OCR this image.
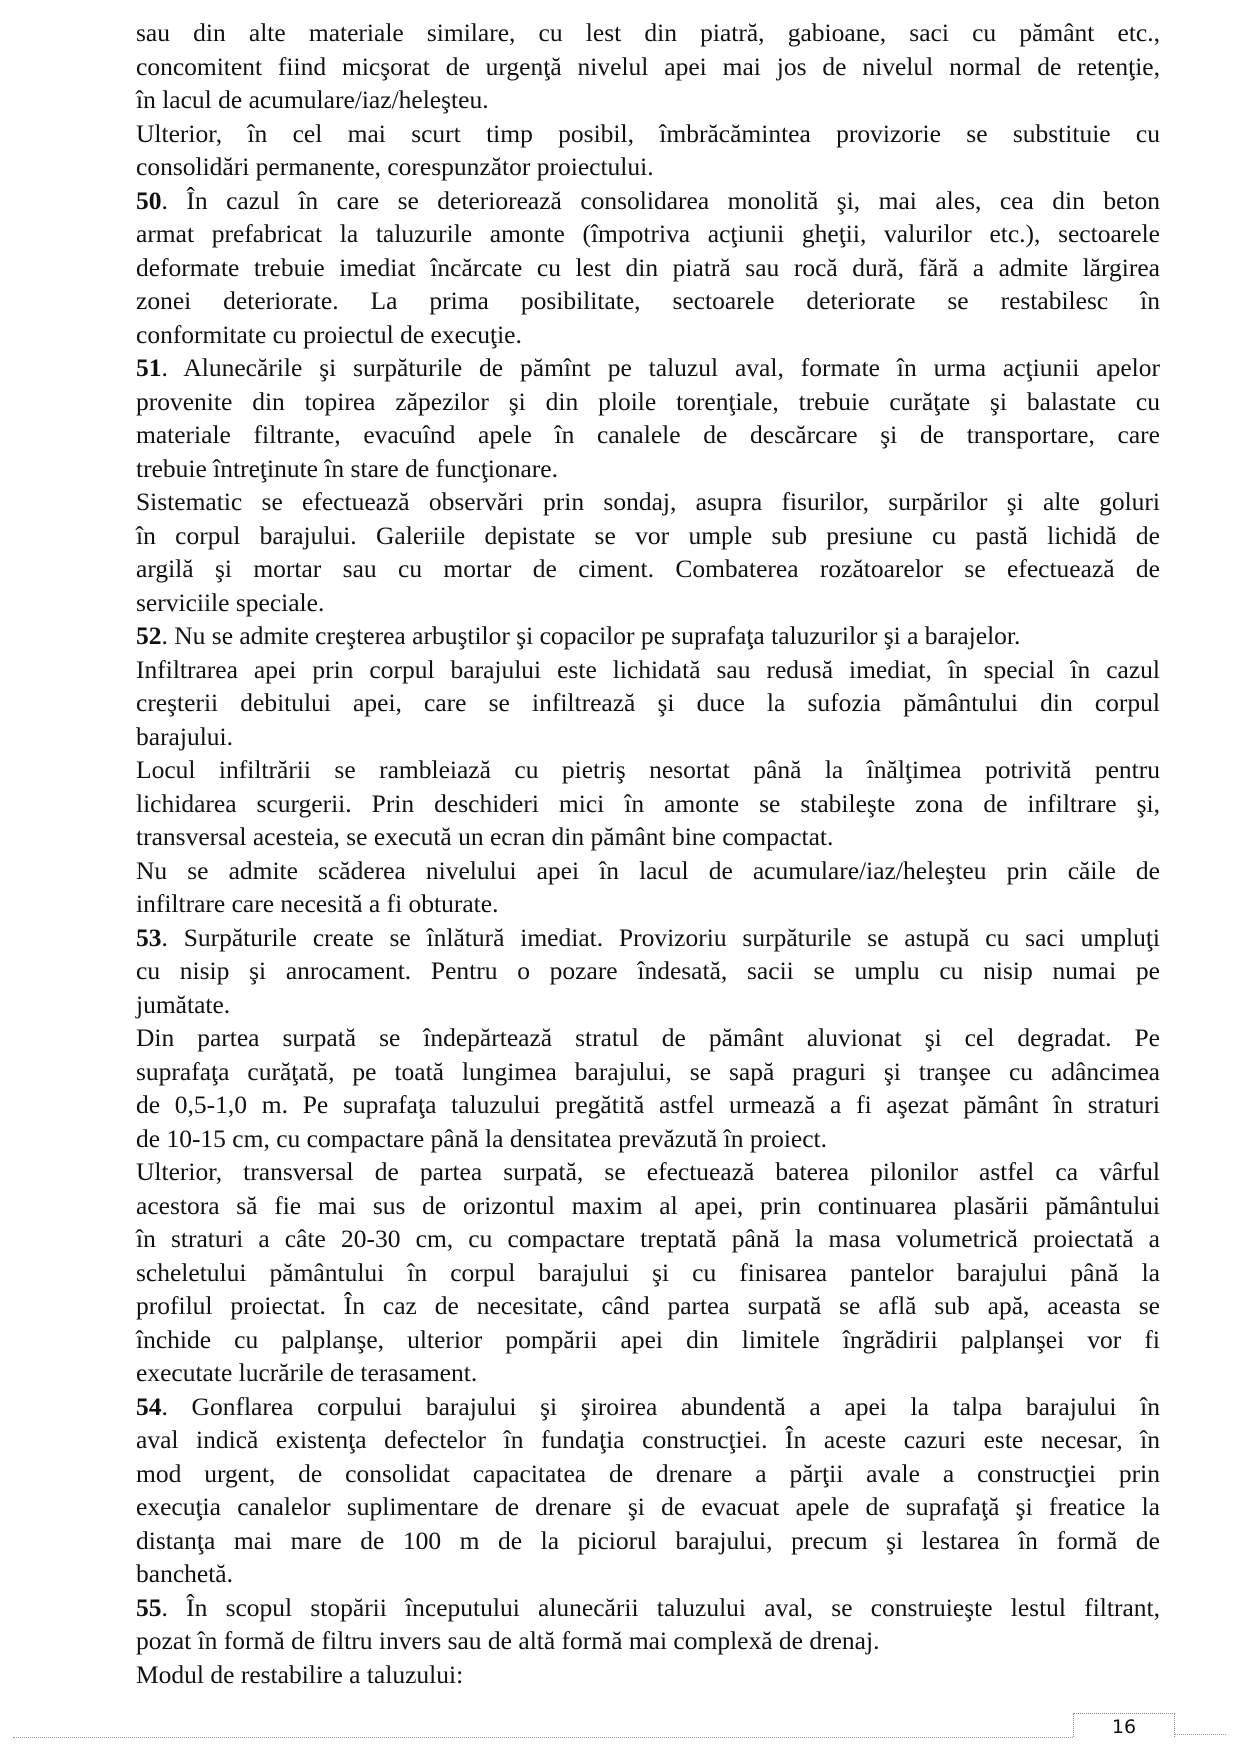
sau din alte materiale similare, cu lest din piatră, gabioane, saci cu pământ etc.,
concomitent fiind micşorat de urgenţă nivelul apei mai jos de nivelul normal de retenţie,
în lacul de acumulare/iaz/heleşteu.
Ulterior, în cel mai scurt timp posibil, îmbrăcămintea provizorie se substituie cu
consolidări permanente, corespunzător proiectului.
50. În cazul în care se deteriorează consolidarea monolită şi, mai ales, cea din beton
armat prefabricat la taluzurile amonte (împotriva acţiunii gheţii, valurilor etc.), sectoarele
deformate trebuie imediat încărcate cu lest din piatră sau rocă dură, fără a admite lărgirea
zonei deteriorate. La prima posibilitate, sectoarele deteriorate se restabilesc în
conformitate cu proiectul de execuţie.
51. Alunecările şi surpăturile de pămînt pe taluzul aval, formate în urma acţiunii apelor
provenite din topirea zăpezilor şi din ploile torenţiale, trebuie curăţate şi balastate cu
materiale filtrante, evacuînd apele în canalele de descărcare şi de transportare, care
trebuie întreţinute în stare de funcţionare.
Sistematic se efectuează observări prin sondaj, asupra fisurilor, surpărilor şi alte goluri
în corpul barajului. Galeriile depistate se vor umple sub presiune cu pastă lichidă de
argilă şi mortar sau cu mortar de ciment. Combaterea rozătoarelor se efectuează de
serviciile speciale.
52. Nu se admite creşterea arbuştilor şi copacilor pe suprafaţa taluzurilor şi a barajelor.
Infiltrarea apei prin corpul barajului este lichidată sau redusă imediat, în special în cazul
creşterii debitului apei, care se infiltrează şi duce la sufozia pământului din corpul
barajului.
Locul infiltrării se rambleiază cu pietriş nesortat până la înălţimea potrivită pentru
lichidarea scurgerii. Prin deschideri mici în amonte se stabileşte zona de infiltrare şi,
transversal acesteia, se execută un ecran din pământ bine compactat.
Nu se admite scăderea nivelului apei în lacul de acumulare/iaz/heleşteu prin căile de
infiltrare care necesită a fi obturate.
53. Surpăturile create se înlătură imediat. Provizoriu surpăturile se astupă cu saci umpluţi
cu nisip şi anrocament. Pentru o pozare îndesată, sacii se umplu cu nisip numai pe
jumătate.
Din partea surpată se îndepărtează stratul de pământ aluvionat şi cel degradat. Pe
suprafaţa curăţată, pe toată lungimea barajului, se sapă praguri şi tranşee cu adâncimea
de 0,5-1,0 m. Pe suprafaţa taluzului pregătită astfel urmează a fi aşezat pământ în straturi
de 10-15 cm, cu compactare până la densitatea prevăzută în proiect.
Ulterior, transversal de partea surpată, se efectuează baterea pilonilor astfel ca vârful
acestora să fie mai sus de orizontul maxim al apei, prin continuarea plasării pământului
în straturi a câte 20-30 cm, cu compactare treptată până la masa volumetrică proiectată a
scheletului pământului în corpul barajului şi cu finisarea pantelor barajului până la
profilul proiectat. În caz de necesitate, când partea surpată se află sub apă, aceasta se
închide cu palplanşe, ulterior pompării apei din limitele îngrădirii palplanşei vor fi
executate lucrările de terasament.
54. Gonflarea corpului barajului şi şiroirea abundentă a apei la talpa barajului în
aval indică existenţa defectelor în fundaţia construcţiei. În aceste cazuri este necesar, în
mod urgent, de consolidat capacitatea de drenare a părţii avale a construcţiei prin
execuţia canalelor suplimentare de drenare şi de evacuat apele de suprafaţă şi freatice la
distanţa mai mare de 100 m de la piciorul barajului, precum şi lestarea în formă de
banchetă.
55. În scopul stopării începutului alunecării taluzului aval, se construieşte lestul filtrant,
pozat în formă de filtru invers sau de altă formă mai complexă de drenaj.
Modul de restabilire a taluzului:
16
